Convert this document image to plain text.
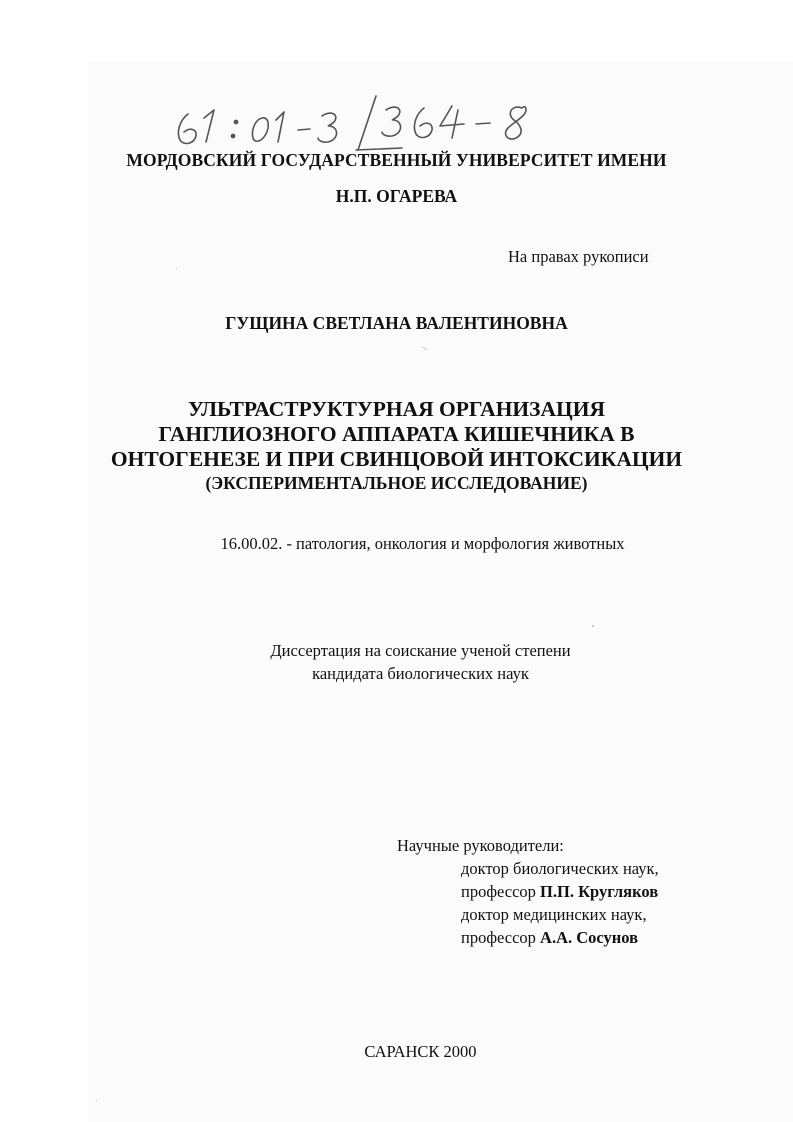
МОРДОВСКИЙ ГОСУДАРСТВЕННЫЙ УНИВЕРСИТЕТ ИМЕНИ
Н.П. ОГАРЕВА
На правах рукописи
ГУЩИНА СВЕТЛАНА ВАЛЕНТИНОВНА
УЛЬТРАСТРУКТУРНАЯ ОРГАНИЗАЦИЯ
ГАНГЛИОЗНОГО АППАРАТА КИШЕЧНИКА В
ОНТОГЕНЕЗЕ И ПРИ СВИНЦОВОЙ ИНТОКСИКАЦИИ
(ЭКСПЕРИМЕНТАЛЬНОЕ ИССЛЕДОВАНИЕ)
16.00.02. - патология, онкология и морфология животных
Диссертация на соискание ученой степени
кандидата биологических наук
Научные руководители:
доктор биологических наук,
профессор П.П. Кругляков
доктор медицинских наук,
профессор А.А. Сосунов
САРАНСК 2000
